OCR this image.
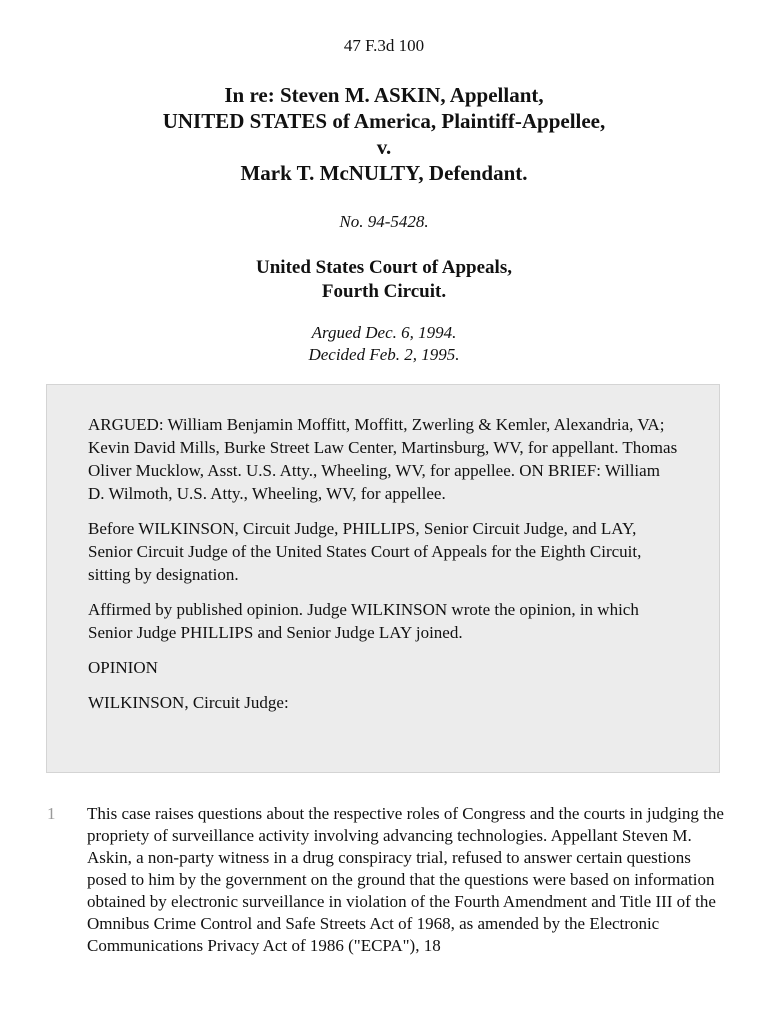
47 F.3d 100
In re: Steven M. ASKIN, Appellant,
UNITED STATES of America, Plaintiff-Appellee,
v.
Mark T. McNULTY, Defendant.
No. 94-5428.
United States Court of Appeals,
Fourth Circuit.
Argued Dec. 6, 1994.
Decided Feb. 2, 1995.

ARGUED: William Benjamin Moffitt, Moffitt, Zwerling & Kemler, Alexandria, VA; Kevin David Mills, Burke Street Law Center, Martinsburg, WV, for appellant. Thomas Oliver Mucklow, Asst. U.S. Atty., Wheeling, WV, for appellee. ON BRIEF: William D. Wilmoth, U.S. Atty., Wheeling, WV, for appellee.

Before WILKINSON, Circuit Judge, PHILLIPS, Senior Circuit Judge, and LAY, Senior Circuit Judge of the United States Court of Appeals for the Eighth Circuit, sitting by designation.

Affirmed by published opinion. Judge WILKINSON wrote the opinion, in which Senior Judge PHILLIPS and Senior Judge LAY joined.

OPINION

WILKINSON, Circuit Judge:

1 This case raises questions about the respective roles of Congress and the courts in judging the propriety of surveillance activity involving advancing technologies. Appellant Steven M. Askin, a non-party witness in a drug conspiracy trial, refused to answer certain questions posed to him by the government on the ground that the questions were based on information obtained by electronic surveillance in violation of the Fourth Amendment and Title III of the Omnibus Crime Control and Safe Streets Act of 1968, as amended by the Electronic Communications Privacy Act of 1986 ("ECPA"), 18
